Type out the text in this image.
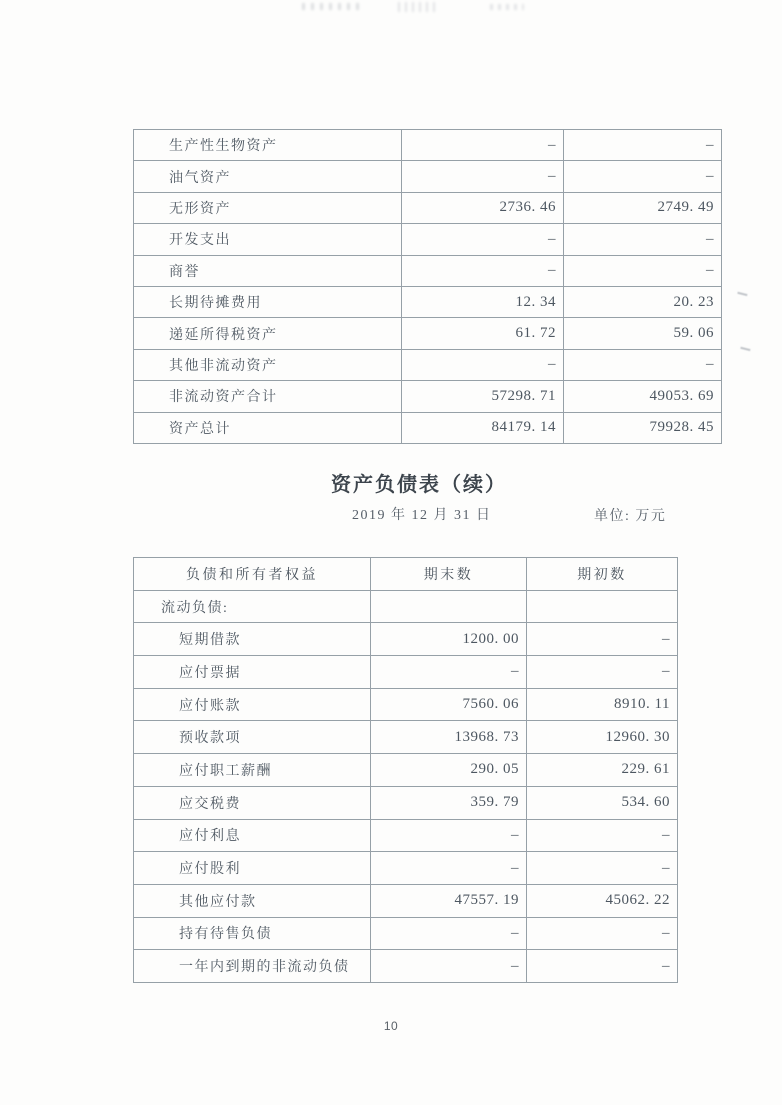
生产性生物资产	–	–
油气资产	–	–
无形资产	2736. 46	2749. 49
开发支出	–	–
商誉	–	–
长期待摊费用	12. 34	20. 23
递延所得税资产	61. 72	59. 06
其他非流动资产	–	–
非流动资产合计	57298. 71	49053. 69
资产总计	84179. 14	79928. 45
资产负债表（续）
2019 年 12 月 31 日	单位: 万元
负债和所有者权益	期末数	期初数
流动负债:		
短期借款	1200. 00	–
应付票据	–	–
应付账款	7560. 06	8910. 11
预收款项	13968. 73	12960. 30
应付职工薪酬	290. 05	229. 61
应交税费	359. 79	534. 60
应付利息	–	–
应付股利	–	–
其他应付款	47557. 19	45062. 22
持有待售负债	–	–
一年内到期的非流动负债	–	–
10
